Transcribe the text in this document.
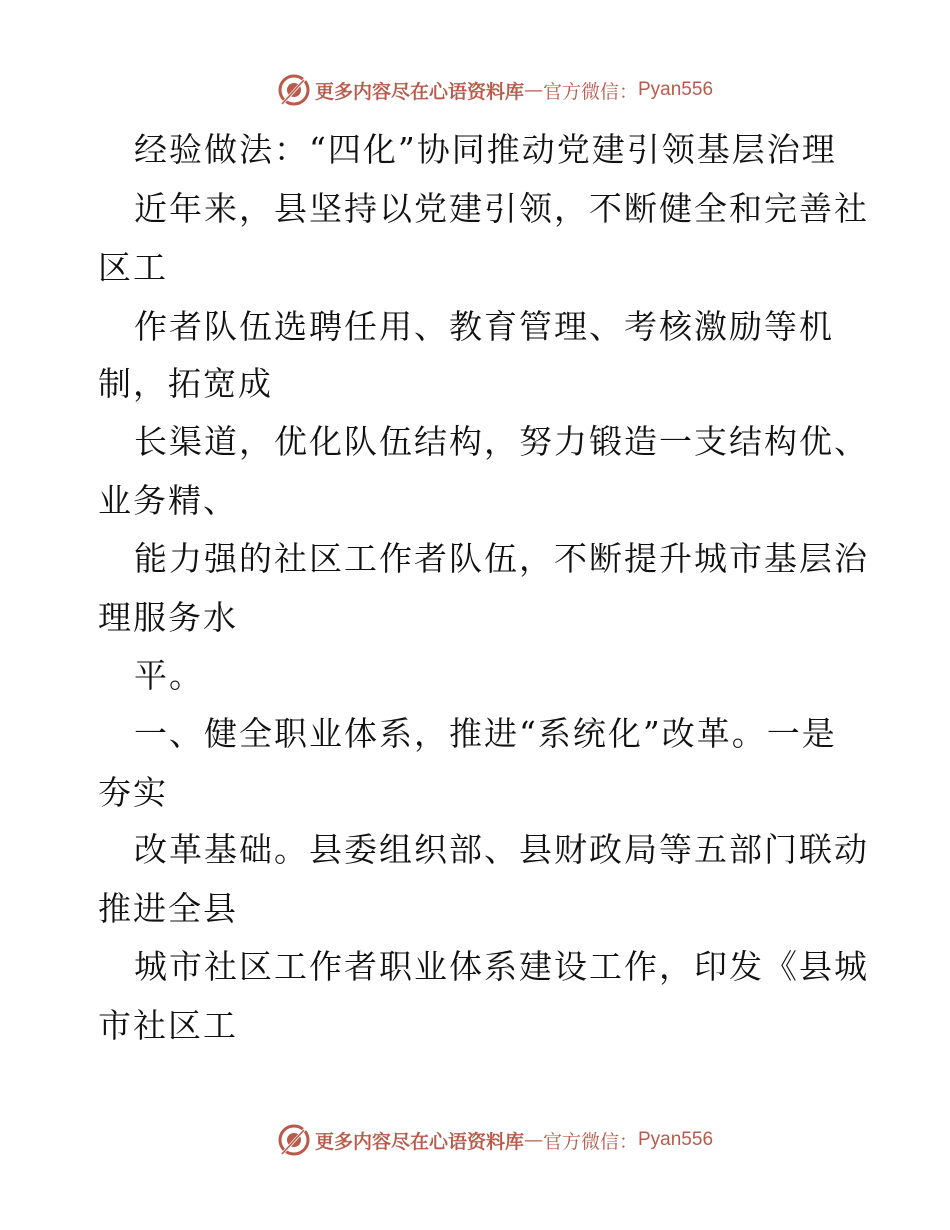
更多内容尽在心语资料库 — 官方微信： Pyan556
经验做法：“四化”协同推动党建引领基层治理
近年来，县坚持以党建引领，不断健全和完善社
区工
作者队伍选聘任用、教育管理、考核激励等机
制，拓宽成
长渠道，优化队伍结构，努力锻造一支结构优、
业务精、
能力强的社区工作者队伍，不断提升城市基层治
理服务水
平。
一、健全职业体系，推进“系统化”改革。一是
夯实
改革基础。县委组织部、县财政局等五部门联动
推进全县
城市社区工作者职业体系建设工作，印发《县城
市社区工
更多内容尽在心语资料库 — 官方微信： Pyan556
